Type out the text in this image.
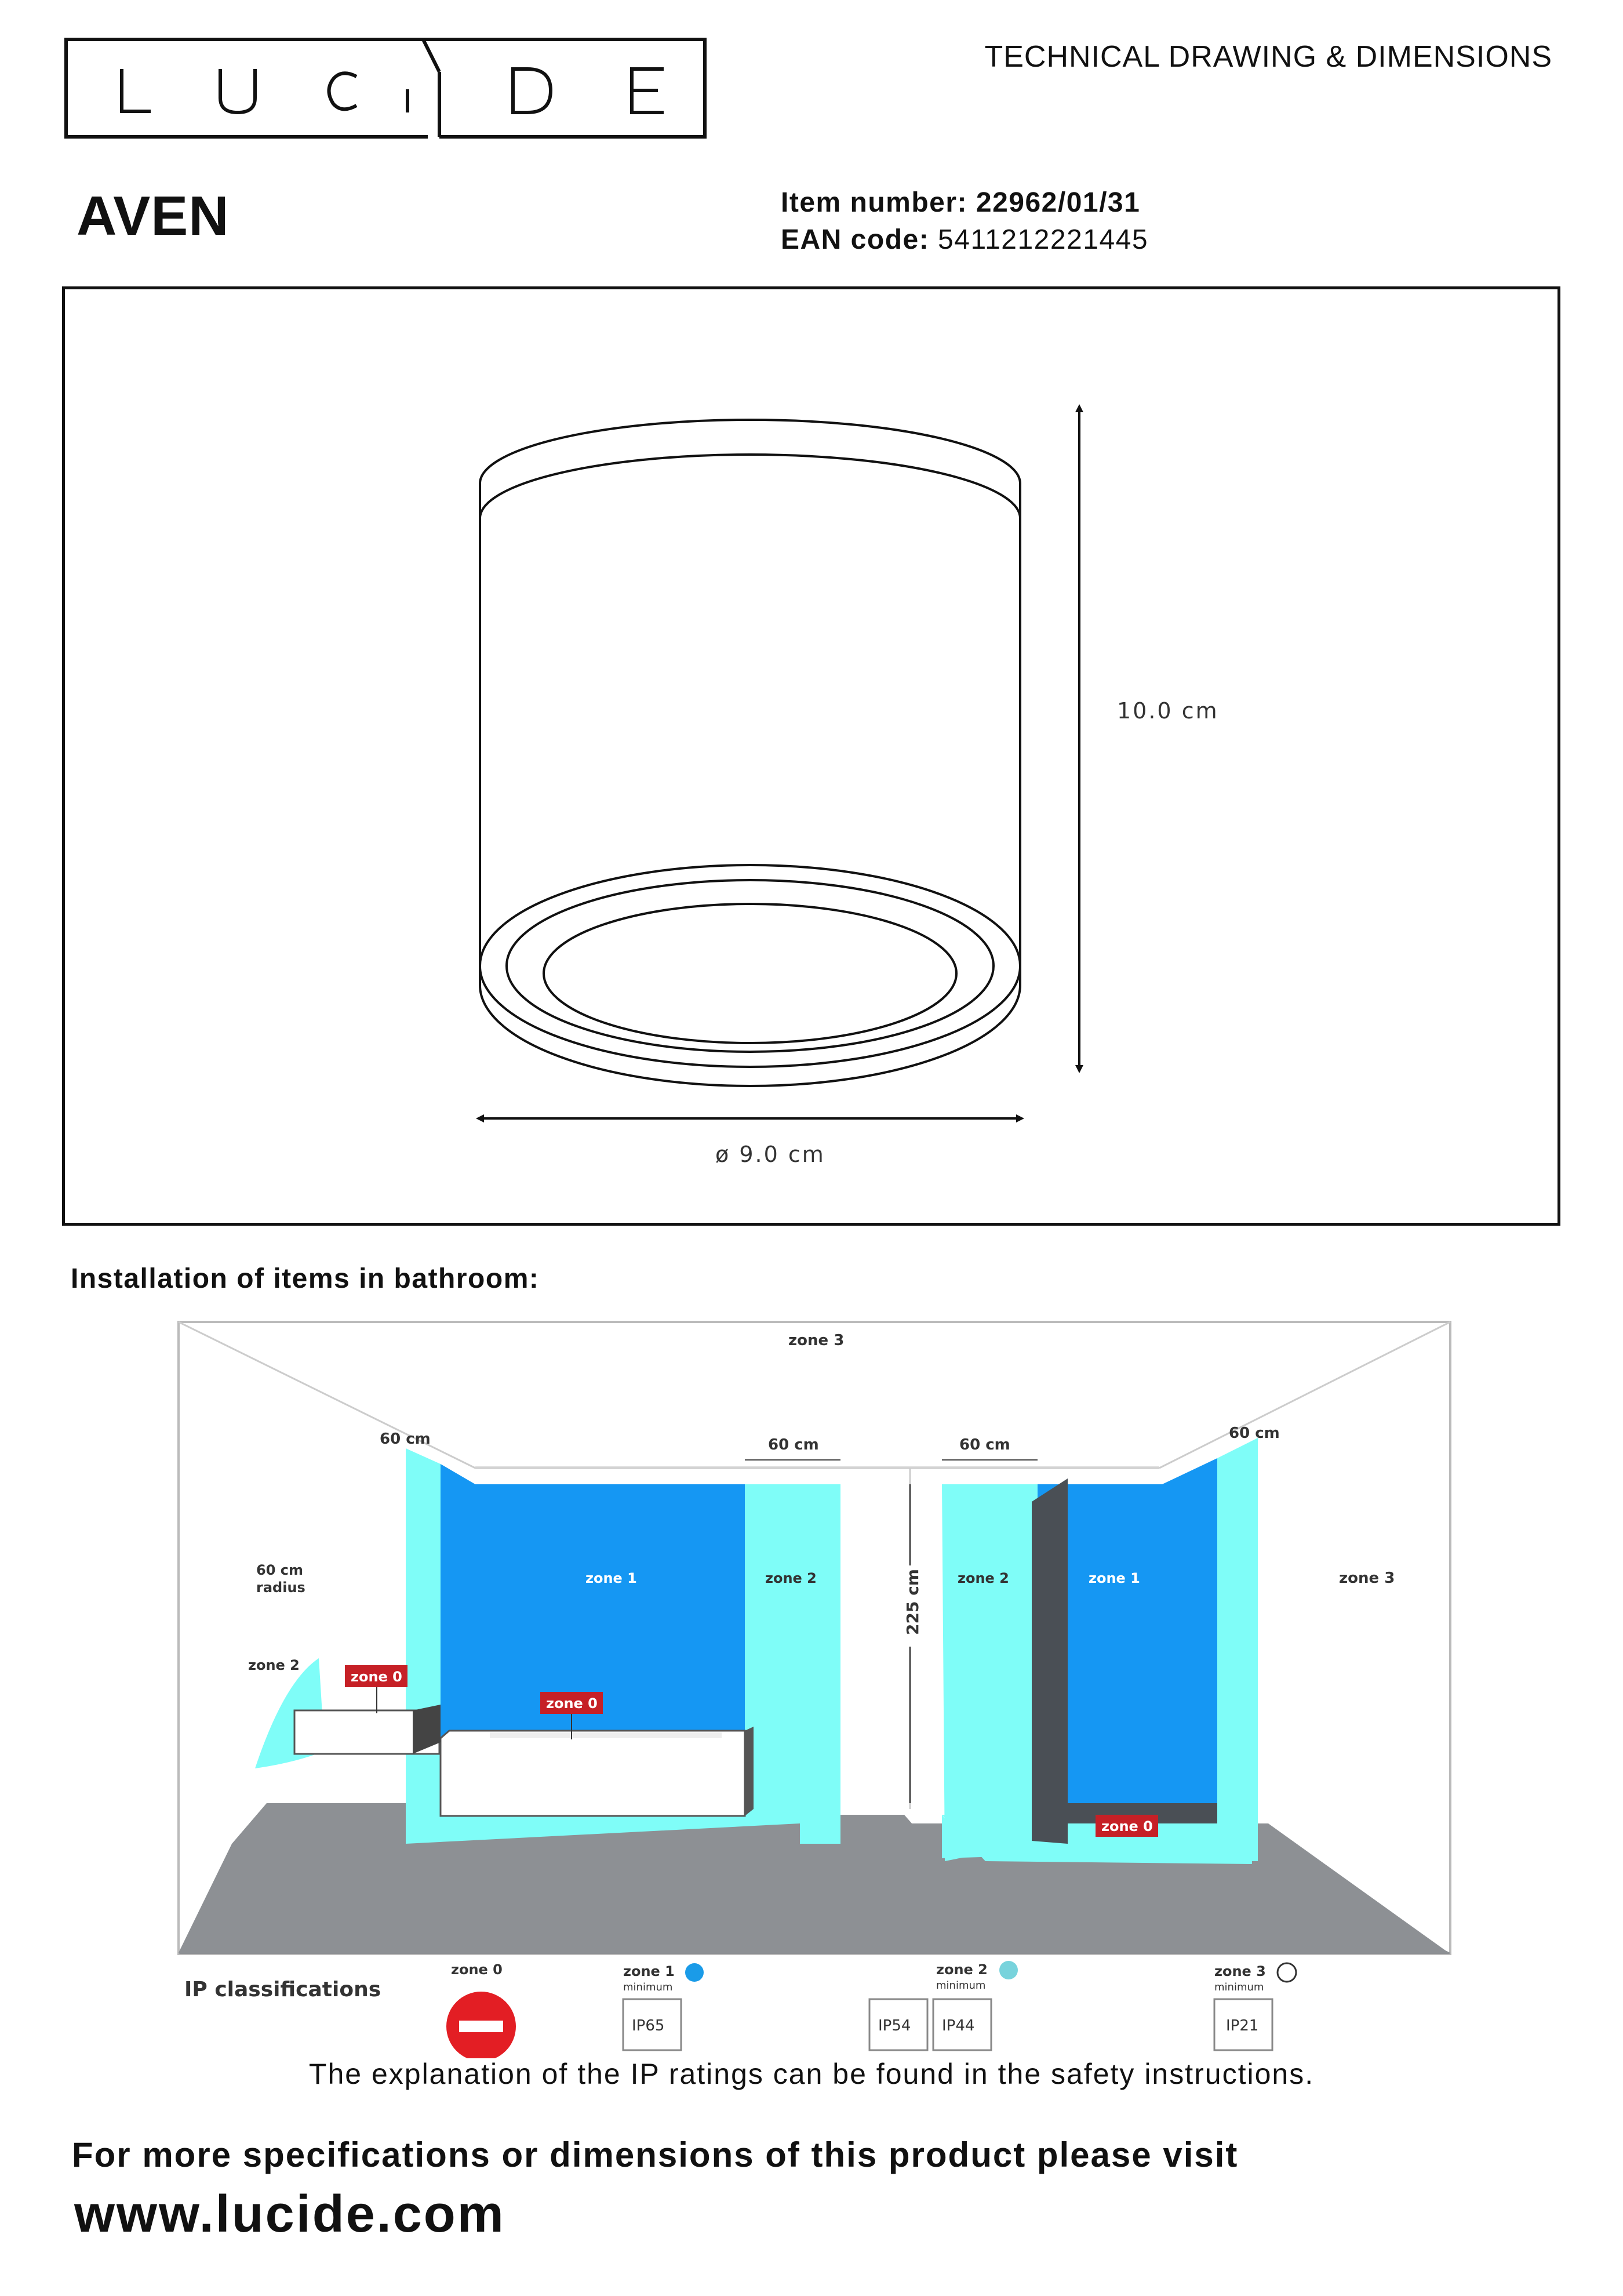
TECHNICAL DRAWING & DIMENSIONS
AVEN	Item number: 22962/01/31
EAN code: 5411212221445
10.0 cm
ø 9.0 cm
Installation of items in bathroom:
225 cm
zone 3
zone 3
60 cm	60 cm	60 cm
60 cm
60 cm
radius
zone 2
zone 1	zone 2	zone 2	zone 1
zone 0
zone 0
zone 0
IP classifications
zone 0	zone 1
minimum
IP65
zone 2
minimum
IP54 IP44
zone 3
minimum
IP21
The explanation of the IP ratings can be found in the safety instructions.
For more specifications or dimensions of this product please visit
www.lucide.com
